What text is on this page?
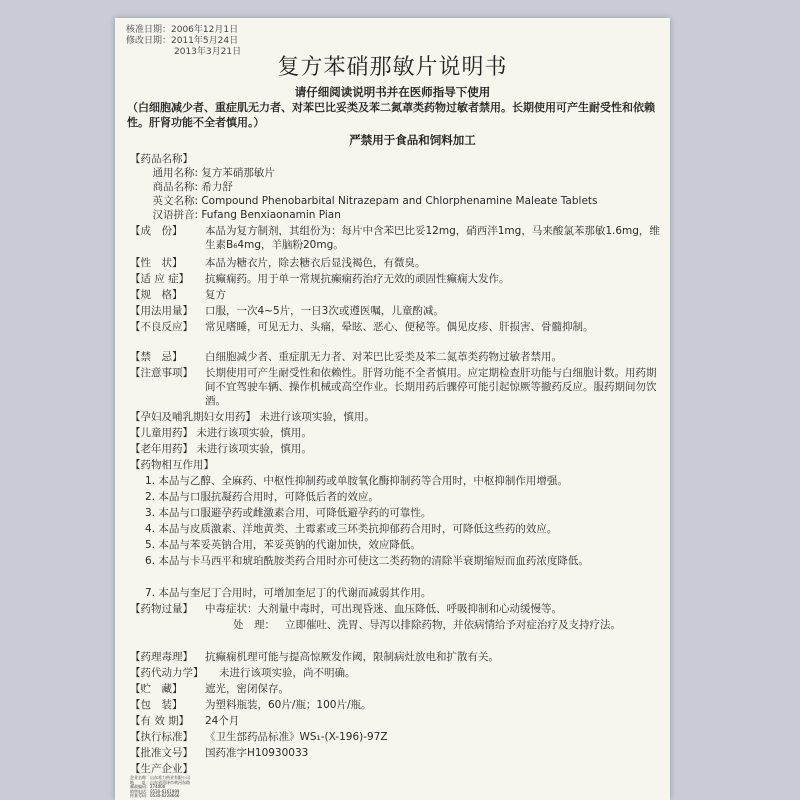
核准日期：2006年12月1日
修改日期：2011年5月24日
2013年3月21日
复方苯硝那敏片说明书
请仔细阅读说明书并在医师指导下使用
（白细胞减少者、重症肌无力者、对苯巴比妥类及苯二氮䓬类药物过敏者禁用。长期使用可产生耐受性和依赖性。肝肾功能不全者慎用。）
严禁用于食品和饲料加工
【药品名称】
通用名称: 复方苯硝那敏片
商品名称: 希力舒
英文名称: Compound Phenobarbital Nitrazepam and Chlorphenamine Maleate Tablets
汉语拼音: Fufang Benxiaonamin Pian
【成　份】 本品为复方制剂，其组份为：每片中含苯巴比妥12mg，硝西泮1mg，马来酸氯苯那敏1.6mg，维生素B₆4mg，羊脑粉20mg。
【性　状】 本品为糖衣片，除去糖衣后显浅褐色，有微臭。
【适 应 症】 抗癫痫药。用于单一常规抗癫痫药治疗无效的顽固性癫痫大发作。
【规　格】 复方
【用法用量】 口服，一次4~5片，一日3次或遵医嘱，儿童酌减。
【不良反应】 常见嗜睡，可见无力、头痛，晕眩、恶心、便秘等。偶见皮疹、肝损害、骨髓抑制。
【禁　忌】 白细胞减少者、重症肌无力者、对苯巴比妥类及苯二氮䓬类药物过敏者禁用。
【注意事项】 长期使用可产生耐受性和依赖性。肝肾功能不全者慎用。应定期检查肝功能与白细胞计数。用药期间不宜驾驶车辆、操作机械或高空作业。长期用药后骤停可能引起惊厥等撤药反应。服药期间勿饮酒。
【孕妇及哺乳期妇女用药】 未进行该项实验，慎用。
【儿童用药】 未进行该项实验，慎用。
【老年用药】 未进行该项实验，慎用。
【药物相互作用】
1. 本品与乙醇、全麻药、中枢性抑制药或单胺氧化酶抑制药等合用时，中枢抑制作用增强。
2. 本品与口服抗凝药合用时，可降低后者的效应。
3. 本品与口服避孕药或雌激素合用，可降低避孕药的可靠性。
4. 本品与皮质激素、洋地黄类、土霉素或三环类抗抑郁药合用时，可降低这些药的效应。
5. 本品与苯妥英钠合用，苯妥英钠的代谢加快，效应降低。
6. 本品与卡马西平和琥珀酰胺类药合用时亦可使这二类药物的清除半衰期缩短而血药浓度降低。
7. 本品与奎尼丁合用时，可增加奎尼丁的代谢而减弱其作用。
【药物过量】 中毒症状：大剂量中毒时，可出现昏迷、血压降低、呼吸抑制和心动缓慢等。
处　理： 立即催吐、洗胃、导泻以排除药物，并依病情给予对症治疗及支持疗法。
【药理毒理】 抗癫痫机理可能与提高惊厥发作阈，限制病灶放电和扩散有关。
【药代动力学】 未进行该项实验，尚不明确。
【贮　藏】 遮光，密闭保存。
【包　装】 为塑料瓶装，60片/瓶；100片/瓶。
【有 效 期】 24个月
【执行标准】 《卫生部药品标准》WS₁-(X-196)-97Z
【批准文号】 国药准字H10930033
【生产企业】
企业名称：山东希力药业有限公司
地　　址：山东省菏泽市黄河东路
邮政编码：274000
销售电话：0530-6161999
传真号码：0530-6228666
